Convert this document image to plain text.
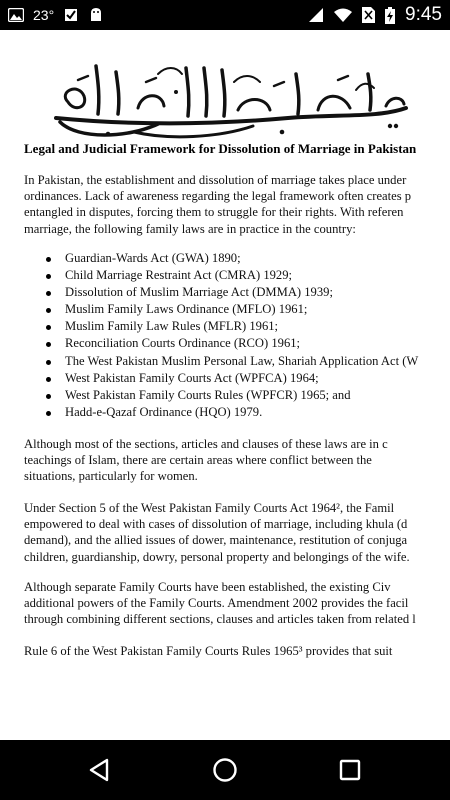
23°	9:45
Legal and Judicial Framework for Dissolution of Marriage in Pakistan
In Pakistan, the establishment and dissolution of marriage takes place under
ordinances. Lack of awareness regarding the legal framework often creates p
entangled in disputes, forcing them to struggle for their rights. With referen
marriage, the following family laws are in practice in the country:
Guardian-Wards Act (GWA) 1890;
Child Marriage Restraint Act (CMRA) 1929;
Dissolution of Muslim Marriage Act (DMMA) 1939;
Muslim Family Laws Ordinance (MFLO) 1961;
Muslim Family Law Rules (MFLR) 1961;
Reconciliation Courts Ordinance (RCO) 1961;
The West Pakistan Muslim Personal Law, Shariah Application Act (W
West Pakistan Family Courts Act (WPFCA) 1964;
West Pakistan Family Courts Rules (WPFCR) 1965; and
Hadd-e-Qazaf Ordinance (HQO) 1979.
Although most of the sections, articles and clauses of these laws are in c
teachings of Islam, there are certain areas where conflict between the
situations, particularly for women.
Under Section 5 of the West Pakistan Family Courts Act 1964², the Famil
empowered to deal with cases of dissolution of marriage, including khula (d
demand), and the allied issues of dower, maintenance, restitution of conjuga
children, guardianship, dowry, personal property and belongings of the wife.
Although separate Family Courts have been established, the existing Civ
additional powers of the Family Courts. Amendment 2002 provides the facil
through combining different sections, clauses and articles taken from related l
Rule 6 of the West Pakistan Family Courts Rules 1965³ provides that suit
